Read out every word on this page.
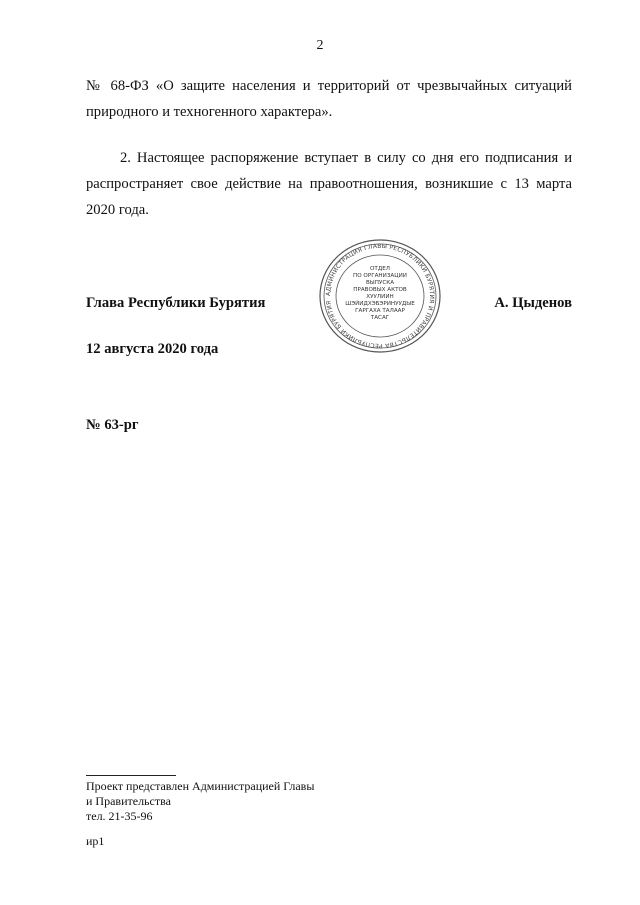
2

№ 68-ФЗ «О защите населения и территорий от чрезвычайных ситуаций природного и техногенного характера».

2. Настоящее распоряжение вступает в силу со дня его подписания и распространяет свое действие на правоотношения, возникшие с 13 марта 2020 года.

Глава Республики Бурятия
АДМИНИСТРАЦИЯ ГЛАВЫ РЕСПУБЛИКИ БУРЯТИЯ И ПРАВИТЕЛЬСТВА РЕСПУБЛИКИ БУРЯТИЯ
ОТДЕЛ
ПО ОРГАНИЗАЦИИ
ВЫПУСКА
ПРАВОВЫХ АКТОВ
ХУУЛИИН
ШЭЙИДХЭБЭРИНУУДЫЕ
ГАРГАХА ТАЛААР
ТАСАГ
А. Цыденов
12 августа 2020 года
№ 63-рг
Проект представлен Администрацией Главы
и Правительства
тел. 21-35-96
ир1
